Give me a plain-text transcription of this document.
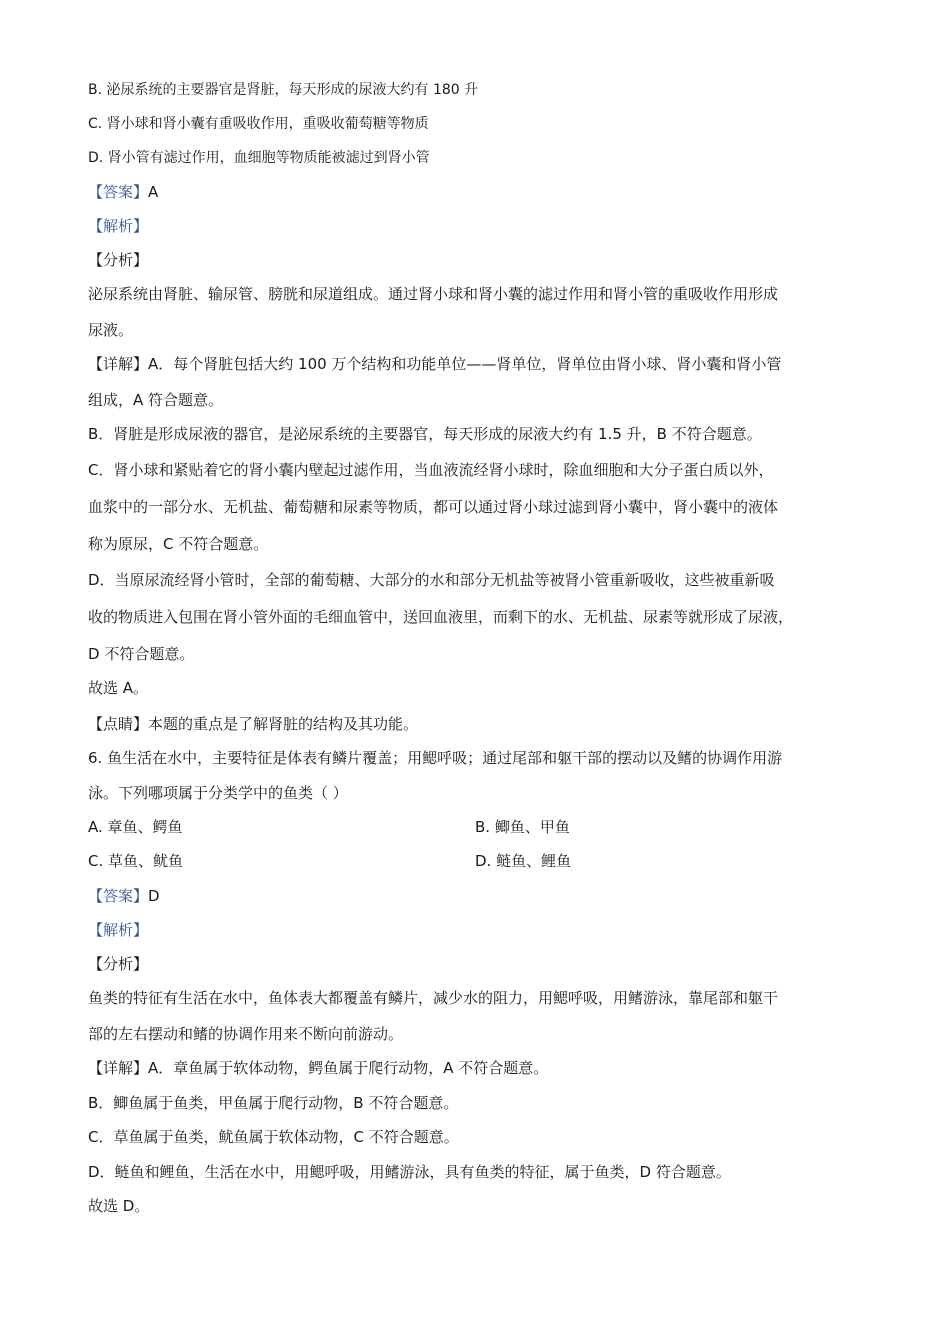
B. 泌尿系统的主要器官是肾脏，每天形成的尿液大约有 180 升
C. 肾小球和肾小囊有重吸收作用，重吸收葡萄糖等物质
D. 肾小管有滤过作用，血细胞等物质能被滤过到肾小管
【答案】A
【解析】
【分析】
泌尿系统由肾脏、输尿管、膀胱和尿道组成。通过肾小球和肾小囊的滤过作用和肾小管的重吸收作用形成
尿液。
【详解】A．每个肾脏包括大约 100 万个结构和功能单位——肾单位，肾单位由肾小球、肾小囊和肾小管
组成，A 符合题意。
B．肾脏是形成尿液的器官，是泌尿系统的主要器官，每天形成的尿液大约有 1.5 升，B 不符合题意。
C．肾小球和紧贴着它的肾小囊内壁起过滤作用，当血液流经肾小球时，除血细胞和大分子蛋白质以外，
血浆中的一部分水、无机盐、葡萄糖和尿素等物质，都可以通过肾小球过滤到肾小囊中，肾小囊中的液体
称为原尿，C 不符合题意。
D．当原尿流经肾小管时，全部的葡萄糖、大部分的水和部分无机盐等被肾小管重新吸收，这些被重新吸
收的物质进入包围在肾小管外面的毛细血管中，送回血液里，而剩下的水、无机盐、尿素等就形成了尿液，
D 不符合题意。
故选 A。
【点睛】本题的重点是了解肾脏的结构及其功能。
6. 鱼生活在水中，主要特征是体表有鳞片覆盖；用鳃呼吸；通过尾部和躯干部的摆动以及鳍的协调作用游
泳。下列哪项属于分类学中的鱼类（ ）
A. 章鱼、鳄鱼	B. 鲫鱼、甲鱼
C. 草鱼、鱿鱼	D. 鲢鱼、鲤鱼
【答案】D
【解析】
【分析】
鱼类的特征有生活在水中，鱼体表大都覆盖有鳞片，减少水的阻力，用鳃呼吸，用鳍游泳，靠尾部和躯干
部的左右摆动和鳍的协调作用来不断向前游动。
【详解】A．章鱼属于软体动物，鳄鱼属于爬行动物，A 不符合题意。
B．鲫鱼属于鱼类，甲鱼属于爬行动物，B 不符合题意。
C．草鱼属于鱼类，鱿鱼属于软体动物，C 不符合题意。
D．鲢鱼和鲤鱼，生活在水中，用鳃呼吸，用鳍游泳，具有鱼类的特征，属于鱼类，D 符合题意。
故选 D。
